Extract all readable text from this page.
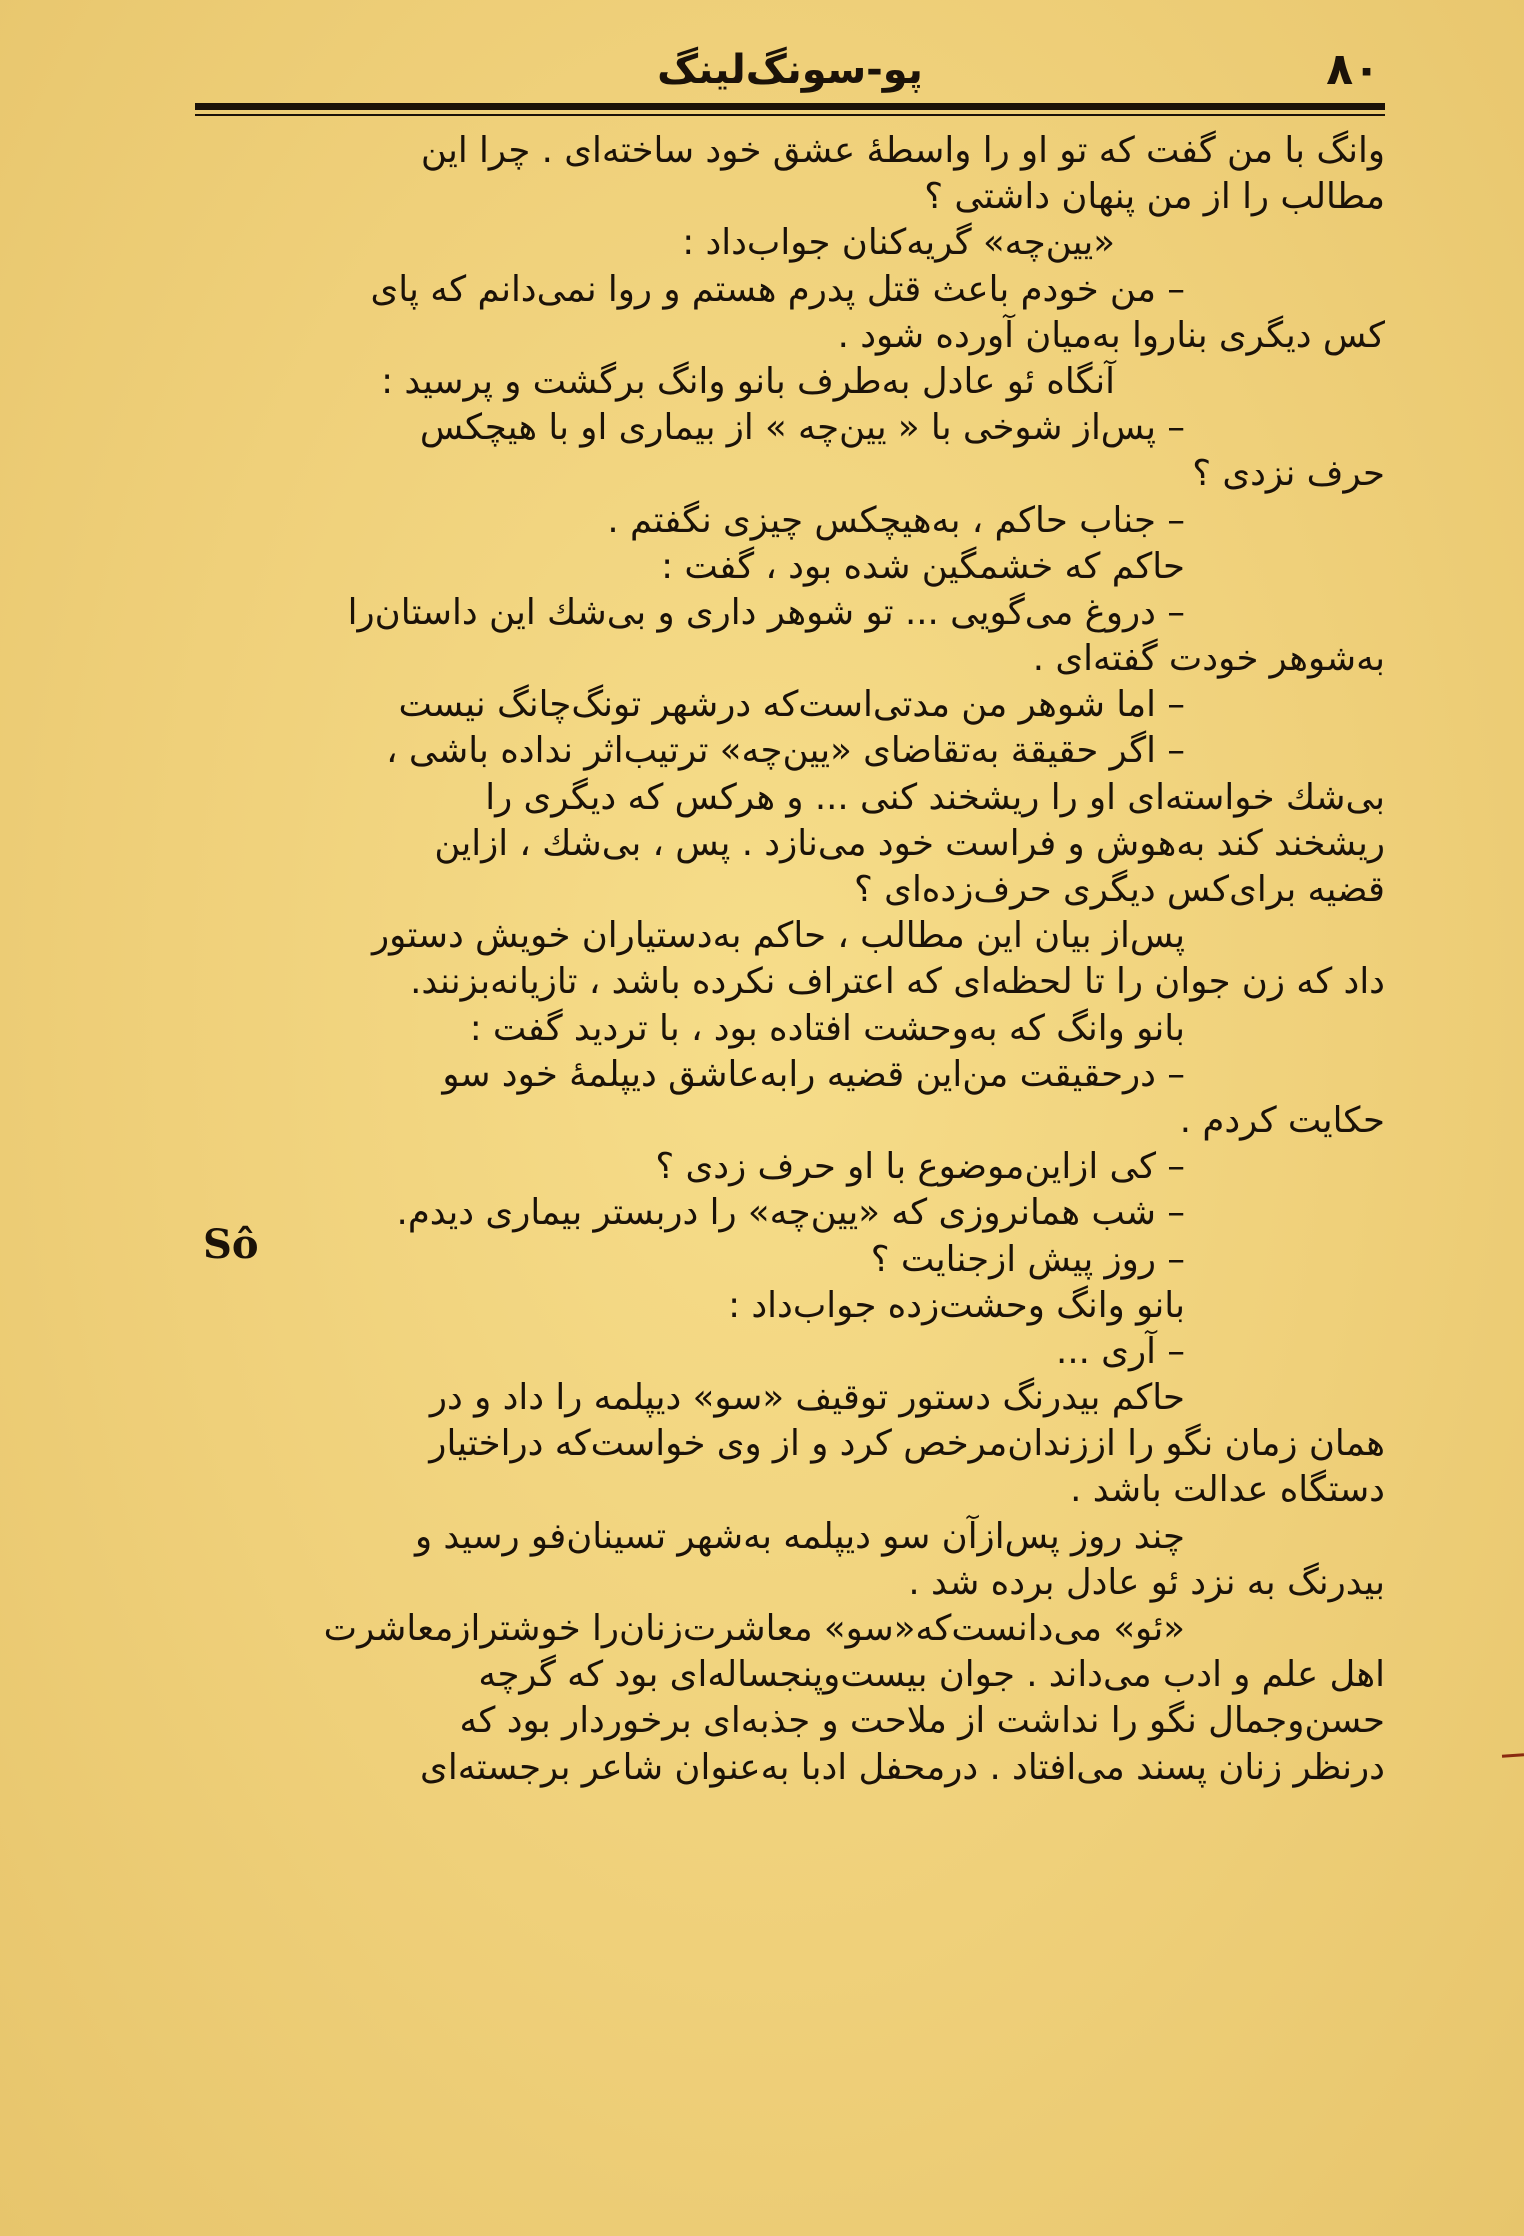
۸۰
پو-سونگ‌لینگ
وانگ با من گفت که تو او را واسطهٔ عشق خود ساخته‌ای . چرا این
مطالب را از من پنهان داشتی ؟
«یین‌چه» گریه‌کنان جواب‌داد :
– من خودم باعث قتل پدرم هستم و روا نمی‌دانم که پای
کس دیگری بناروا به‌میان آورده شود .
آنگاه ئو عادل به‌طرف بانو وانگ برگشت و پرسید :
– پس‌از شوخی با « یین‌چه » از بیماری او با هیچکس
حرف نزدی ؟
– جناب حاکم ، به‌هیچکس چیزی نگفتم .
حاکم که خشمگین شده بود ، گفت :
– دروغ می‌گویی ... تو شوهر داری و بی‌شك این داستان‌را
به‌شوهر خودت گفته‌ای .
– اما شوهر من مدتی‌است‌که درشهر تونگ‌چانگ نیست
– اگر حقیقة به‌تقاضای «یین‌چه» ترتیب‌اثر نداده باشی ،
بی‌شك خواسته‌ای او را ریشخند کنی ... و هرکس که دیگری را
ریشخند کند به‌هوش و فراست خود می‌نازد . پس ، بی‌شك ، ازاین
قضیه برای‌کس دیگری حرف‌زده‌ای ؟
پس‌از بیان این مطالب ، حاکم به‌دستیاران خویش دستور
داد که زن جوان را تا لحظه‌ای که اعتراف نکرده باشد ، تازیانه‌بزنند.
بانو وانگ که به‌وحشت افتاده بود ، با تردید گفت :
– درحقیقت من‌این قضیه رابه‌عاشق دیپلمهٔ خود سو
حکایت کردم .
– کی ازاین‌موضوع با او حرف زدی ؟
– شب همانروزی که «یین‌چه» را دربستر بیماری دیدم.
– روز پیش ازجنایت ؟
بانو وانگ وحشت‌زده جواب‌داد :
– آری ...
حاکم بیدرنگ دستور توقیف «سو» دیپلمه را داد و در
همان زمان نگو را اززندان‌مرخص کرد و از وی خواست‌که دراختیار
دستگاه عدالت باشد .
چند روز پس‌ازآن سو دیپلمه به‌شهر تسینان‌فو رسید و
بیدرنگ به نزد ئو عادل برده شد .
«ئو» می‌دانست‌که«سو» معاشرت‌زنان‌را خوشترازمعاشرت
اهل علم و ادب می‌داند . جوان بیست‌وپنجساله‌ای بود که گرچه
حسن‌وجمال نگو را نداشت از ملاحت و جذبه‌ای برخوردار بود که
درنظر زنان پسند می‌افتاد . درمحفل ادبا به‌عنوان شاعر برجسته‌ای
Sô
